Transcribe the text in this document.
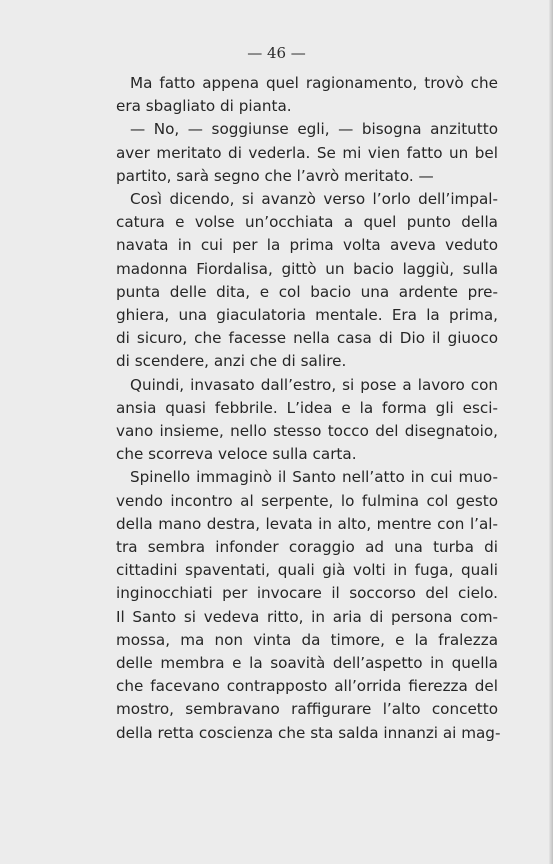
— 46 —
Ma fatto appena quel ragionamento, trovò che
era sbagliato di pianta.
— No, — soggiunse egli, — bisogna anzitutto
aver meritato di vederla. Se mi vien fatto un bel
partito, sarà segno che l’avrò meritato. —
Così dicendo, si avanzò verso l’orlo dell’impal-
catura e volse un’occhiata a quel punto della
navata in cui per la prima volta aveva veduto
madonna Fiordalisa, gittò un bacio laggiù, sulla
punta delle dita, e col bacio una ardente pre-
ghiera, una giaculatoria mentale. Era la prima,
di sicuro, che facesse nella casa di Dio il giuoco
di scendere, anzi che di salire.
Quindi, invasato dall’estro, si pose a lavoro con
ansia quasi febbrile. L’idea e la forma gli esci-
vano insieme, nello stesso tocco del disegnatoio,
che scorreva veloce sulla carta.
Spinello immaginò il Santo nell’atto in cui muo-
vendo incontro al serpente, lo fulmina col gesto
della mano destra, levata in alto, mentre con l’al-
tra sembra infonder coraggio ad una turba di
cittadini spaventati, quali già volti in fuga, quali
inginocchiati per invocare il soccorso del cielo.
Il Santo si vedeva ritto, in aria di persona com-
mossa, ma non vinta da timore, e la fralezza
delle membra e la soavità dell’aspetto in quella
che facevano contrapposto all’orrida fierezza del
mostro, sembravano raffigurare l’alto concetto
della retta coscienza che sta salda innanzi ai mag-
